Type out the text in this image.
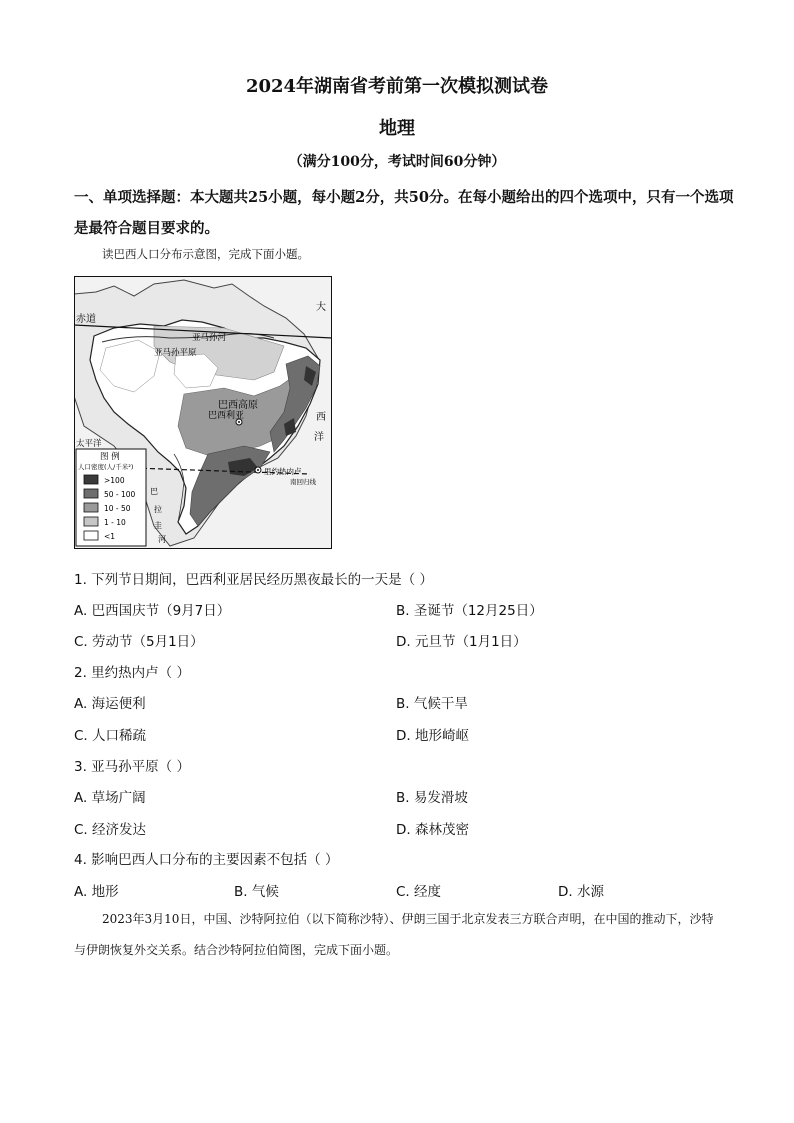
2024年湖南省考前第一次模拟测试卷
地理
（满分100分，考试时间60分钟）
一、单项选择题：本大题共25小题，每小题2分，共50分。在每小题给出的四个选项中，只有一个选项是最符合题目要求的。
读巴西人口分布示意图，完成下面小题。
赤道
亚马孙河
亚马孙平原
巴西高原
巴西利亚
里约热内卢
南回归线
大
西
洋
太平洋
巴
拉
圭
河
图 例
人口密度(人/千米²)
>100
50 - 100
10 - 50
1 - 10
<1
1. 下列节日期间，巴西利亚居民经历黑夜最长的一天是（ ）
A. 巴西国庆节（9月7日）	B. 圣诞节（12月25日）
C. 劳动节（5月1日）	D. 元旦节（1月1日）
2. 里约热内卢（ ）
A. 海运便利	B. 气候干旱
C. 人口稀疏	D. 地形崎岖
3. 亚马孙平原（ ）
A. 草场广阔	B. 易发滑坡
C. 经济发达	D. 森林茂密
4. 影响巴西人口分布的主要因素不包括（ ）
A. 地形	B. 气候	C. 经度	D. 水源
2023年3月10日，中国、沙特阿拉伯（以下简称沙特）、伊朗三国于北京发表三方联合声明，在中国的推动下，沙特与伊朗恢复外交关系。结合沙特阿拉伯简图，完成下面小题。
